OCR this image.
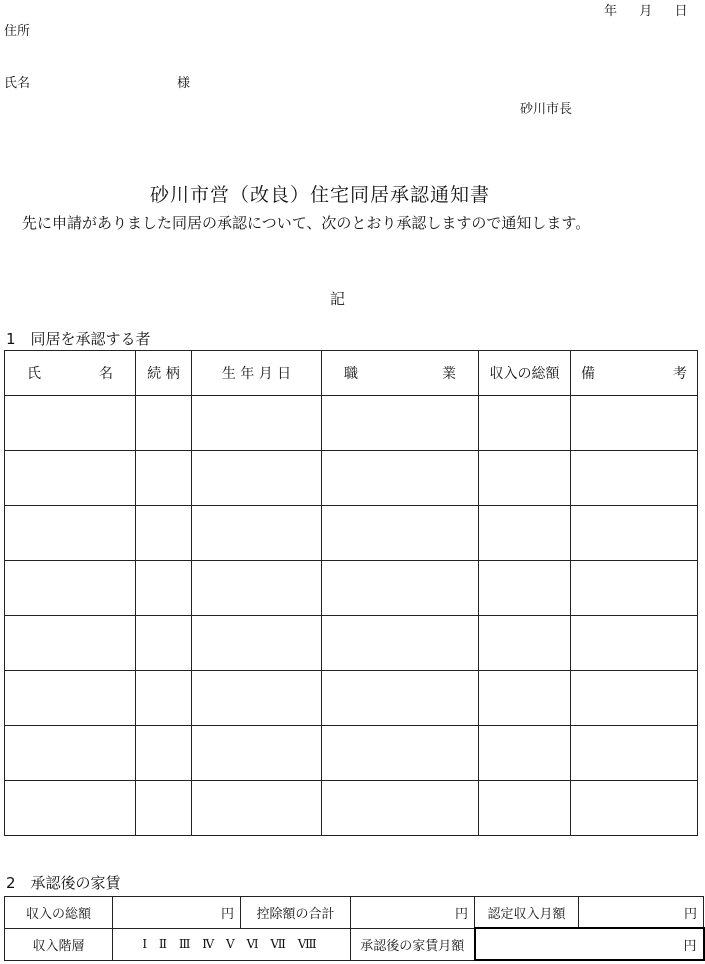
年 月 日
住所
氏名	様
砂川市長
砂川市営（改良）住宅同居承認通知書
先に申請がありました同居の承認について、次のとおり承認しますので通知します。
記
1　同居を承認する者
氏 名	続 柄	生 年 月 日	職 業	収入の総額	備 考

2　承認後の家賃
収入の総額	円	控除額の合計	円	認定収入月額	円
収入階層	Ⅰ Ⅱ Ⅲ Ⅳ Ⅴ Ⅵ Ⅶ Ⅷ		承認後の家賃月額	円	
